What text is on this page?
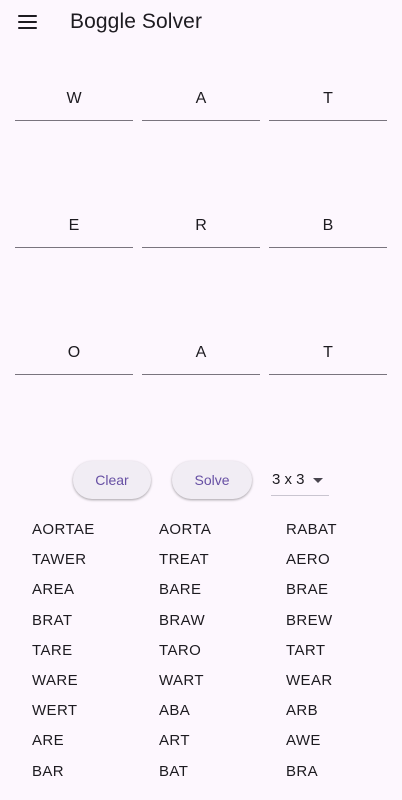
Boggle Solver
W	A	T
E	R	B
O	A	T
Clear	Solve	3 x 3
AORTAE	AORTA	RABAT
TAWER	TREAT	AERO
AREA	BARE	BRAE
BRAT	BRAW	BREW
TARE	TARO	TART
WARE	WART	WEAR
WERT	ABA	ARB
ARE	ART	AWE
BAR	BAT	BRA
